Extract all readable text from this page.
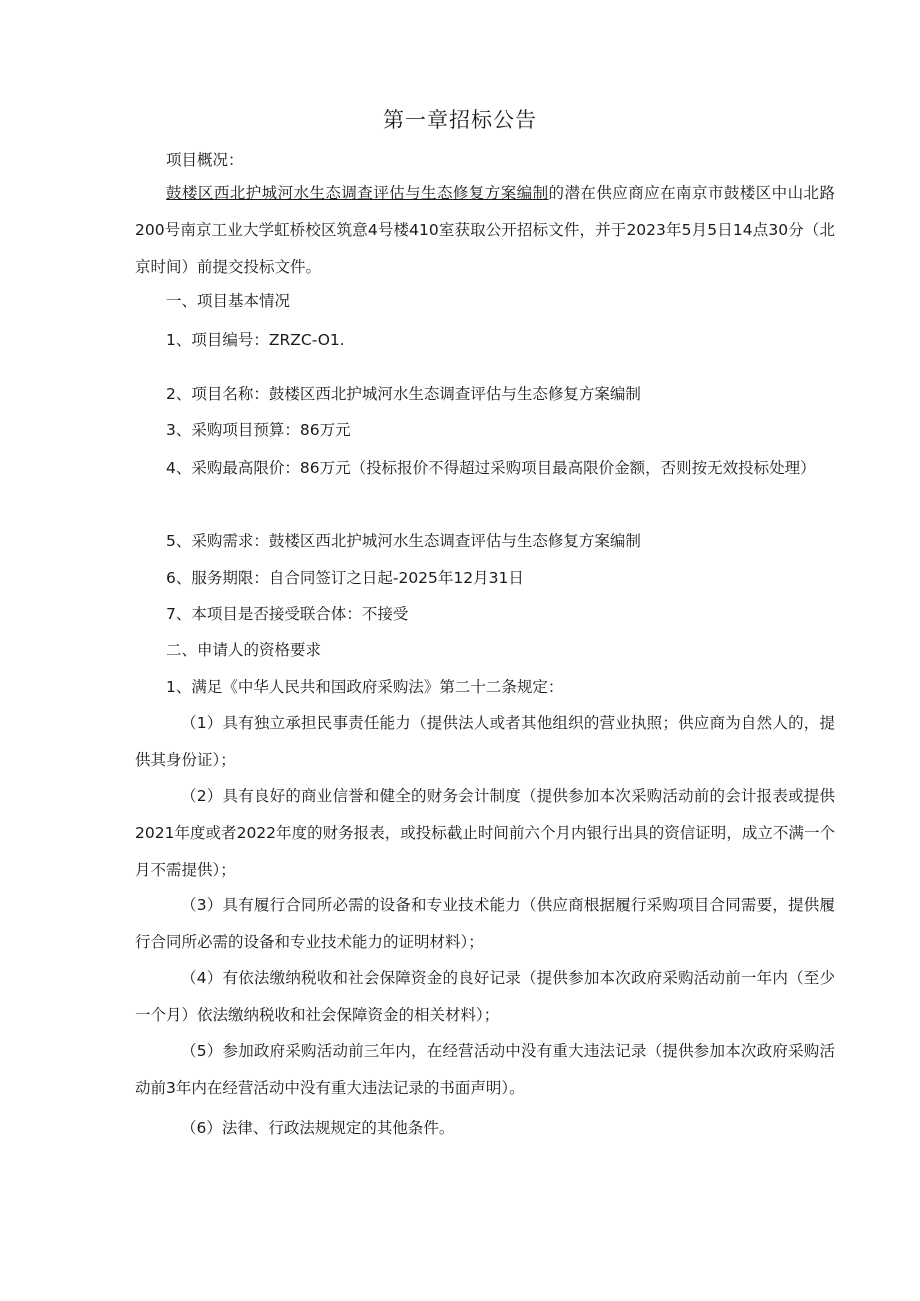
第一章招标公告

项目概况：

鼓楼区西北护城河水生态调查评估与生态修复方案编制的潜在供应商应在南京市鼓楼区中山北路200号南京工业大学虹桥校区筑意4号楼410室获取公开招标文件，并于2023年5月5日14点30分（北京时间）前提交投标文件。

一、项目基本情况

1、项目编号：ZRZC-O1.

2、项目名称：鼓楼区西北护城河水生态调查评估与生态修复方案编制

3、采购项目预算：86万元

4、采购最高限价：86万元（投标报价不得超过采购项目最高限价金额，否则按无效投标处理）

5、采购需求：鼓楼区西北护城河水生态调查评估与生态修复方案编制

6、服务期限：自合同签订之日起-2025年12月31日

7、本项目是否接受联合体：不接受

二、申请人的资格要求

1、满足《中华人民共和国政府采购法》第二十二条规定：

（1）具有独立承担民事责任能力（提供法人或者其他组织的营业执照；供应商为自然人的，提供其身份证）；

（2）具有良好的商业信誉和健全的财务会计制度（提供参加本次采购活动前的会计报表或提供2021年度或者2022年度的财务报表，或投标截止时间前六个月内银行出具的资信证明，成立不满一个月不需提供）；

（3）具有履行合同所必需的设备和专业技术能力（供应商根据履行采购项目合同需要，提供履行合同所必需的设备和专业技术能力的证明材料）；

（4）有依法缴纳税收和社会保障资金的良好记录（提供参加本次政府采购活动前一年内（至少一个月）依法缴纳税收和社会保障资金的相关材料）；

（5）参加政府采购活动前三年内，在经营活动中没有重大违法记录（提供参加本次政府采购活动前3年内在经营活动中没有重大违法记录的书面声明）。

（6）法律、行政法规规定的其他条件。
